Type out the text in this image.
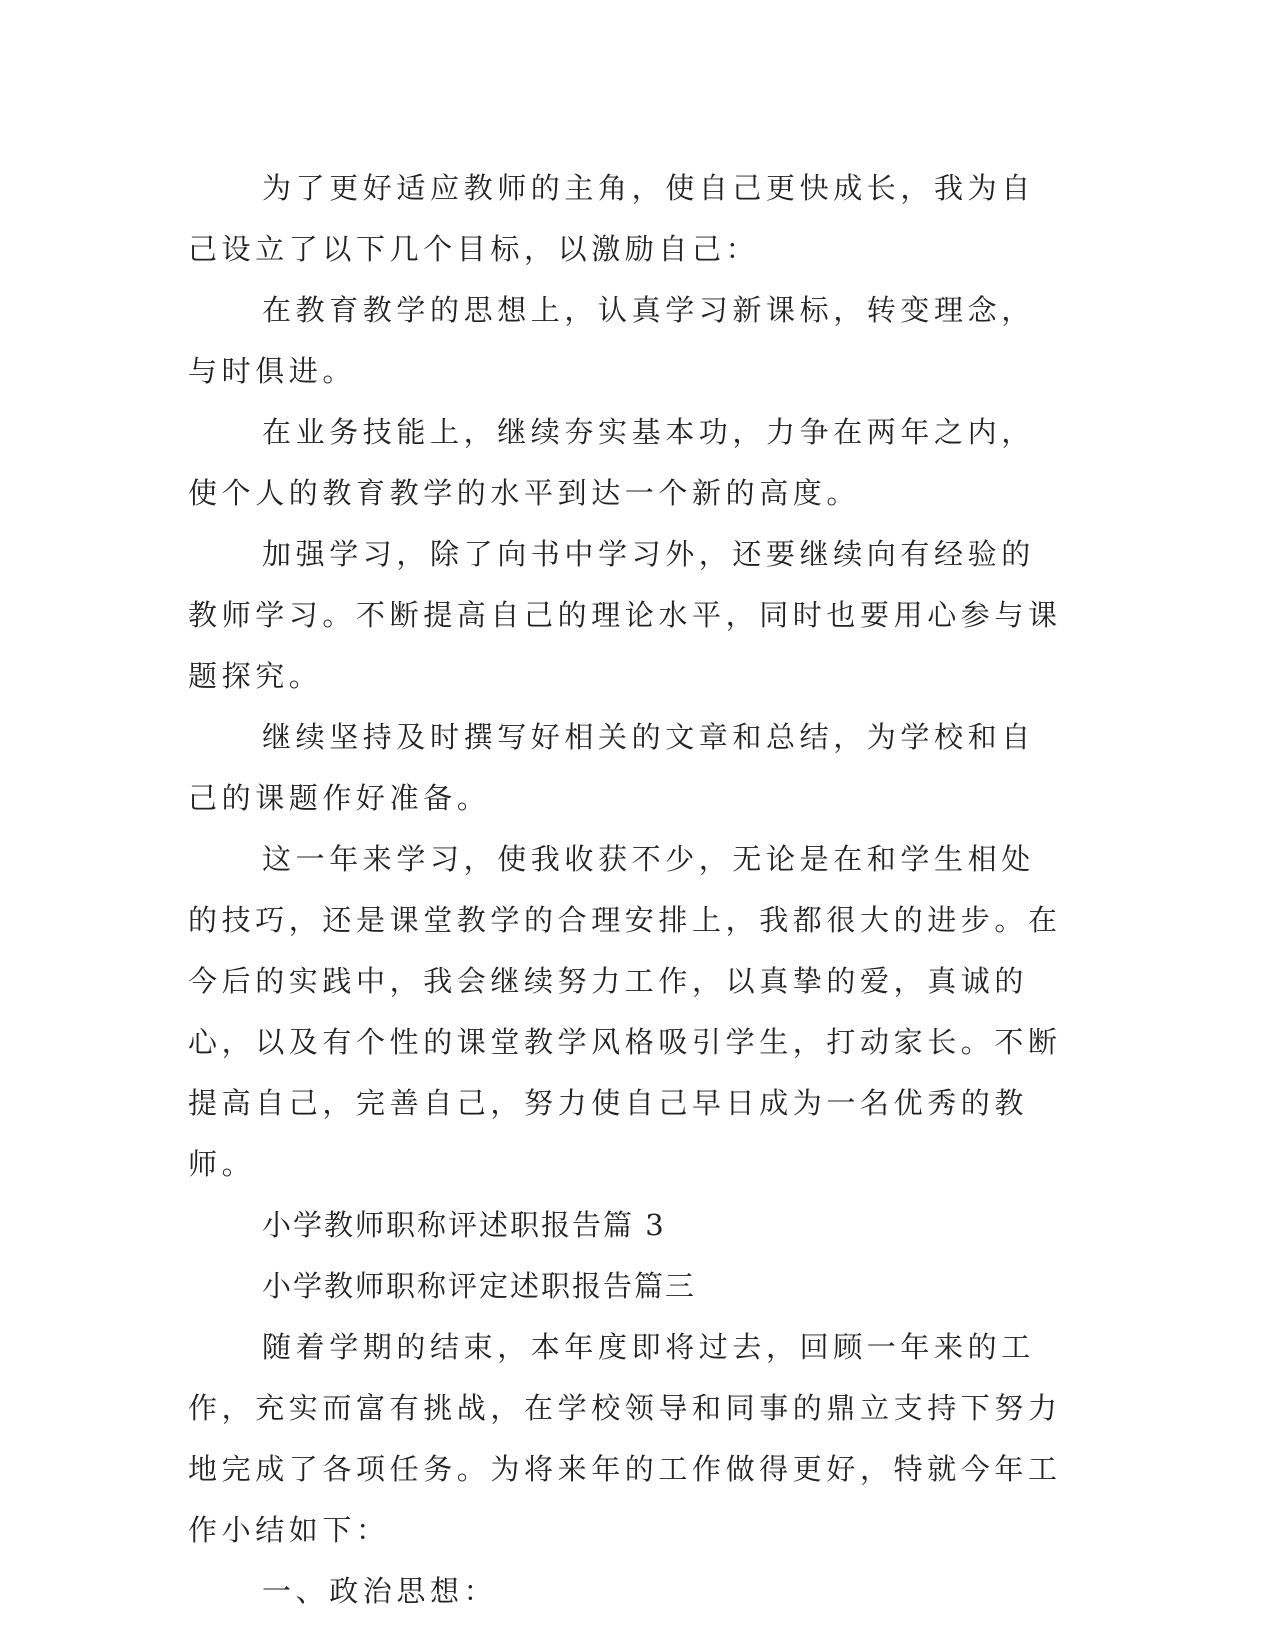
为了更好适应教师的主角，使自己更快成长，我为自己设立了以下几个目标，以激励自己：

在教育教学的思想上，认真学习新课标，转变理念，与时俱进。

在业务技能上，继续夯实基本功，力争在两年之内，使个人的教育教学的水平到达一个新的高度。

加强学习，除了向书中学习外，还要继续向有经验的教师学习。不断提高自己的理论水平，同时也要用心参与课题探究。

继续坚持及时撰写好相关的文章和总结，为学校和自己的课题作好准备。

这一年来学习，使我收获不少，无论是在和学生相处的技巧，还是课堂教学的合理安排上，我都很大的进步。在今后的实践中，我会继续努力工作，以真挚的爱，真诚的心，以及有个性的课堂教学风格吸引学生，打动家长。不断提高自己，完善自己，努力使自己早日成为一名优秀的教师。

小学教师职称评述职报告篇 3

小学教师职称评定述职报告篇三

随着学期的结束，本年度即将过去，回顾一年来的工作，充实而富有挑战，在学校领导和同事的鼎立支持下努力地完成了各项任务。为将来年的工作做得更好，特就今年工作小结如下：

一、政治思想：
